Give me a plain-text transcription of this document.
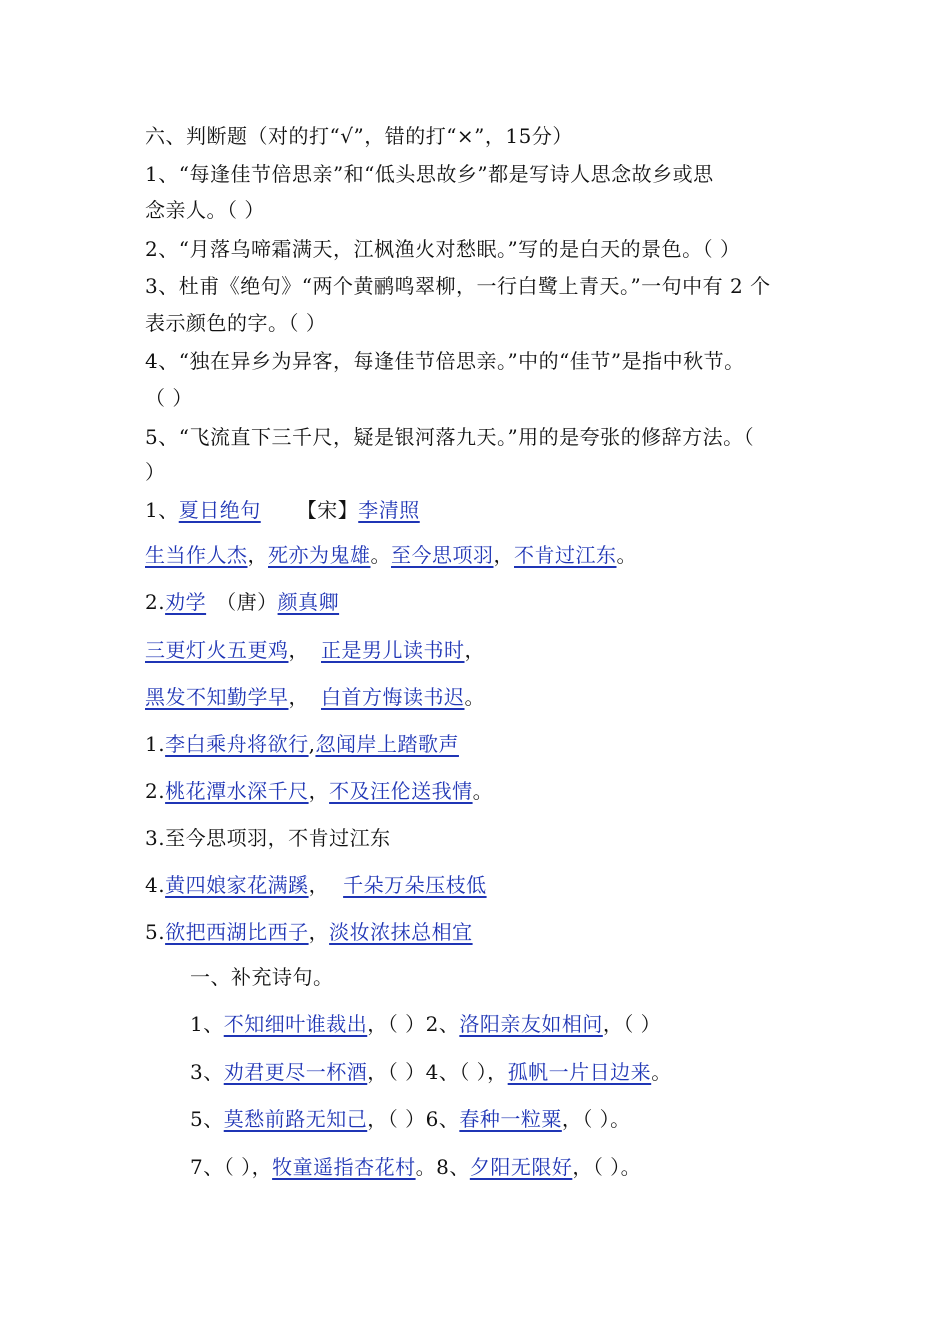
六、判断题（对的打“√”，错的打“×”，15分）
1、“每逢佳节倍思亲”和“低头思故乡”都是写诗人思念故乡或思
念亲人。（ ）
2、“月落乌啼霜满天，江枫渔火对愁眠。”写的是白天的景色。（ ）
3、杜甫《绝句》“两个黄鹂鸣翠柳，一行白鹭上青天。”一句中有 2 个
表示颜色的字。（ ）
4、“独在异乡为异客，每逢佳节倍思亲。”中的“佳节”是指中秋节。
（ ）
5、“飞流直下三千尺，疑是银河落九天。”用的是夸张的修辞方法。（
）
1、夏日绝句 【宋】李清照
生当作人杰，死亦为鬼雄。至今思项羽，不肯过江东。
2.劝学 （唐）颜真卿
三更灯火五更鸡， 正是男儿读书时，
黑发不知勤学早， 白首方悔读书迟。
1.李白乘舟将欲行,忽闻岸上踏歌声
2.桃花潭水深千尺，不及汪伦送我情。
3.至今思项羽，不肯过江东
4.黄四娘家花满蹊， 千朵万朵压枝低
5.欲把西湖比西子，淡妆浓抹总相宜
一、补充诗句。
1、不知细叶谁裁出，（ ）2、洛阳亲友如相问，（ ）
3、劝君更尽一杯酒，（ ）4、（ ），孤帆一片日边来。
5、莫愁前路无知己，（ ）6、春种一粒粟，（ ）。
7、（ ），牧童遥指杏花村。8、夕阳无限好，（ ）。
